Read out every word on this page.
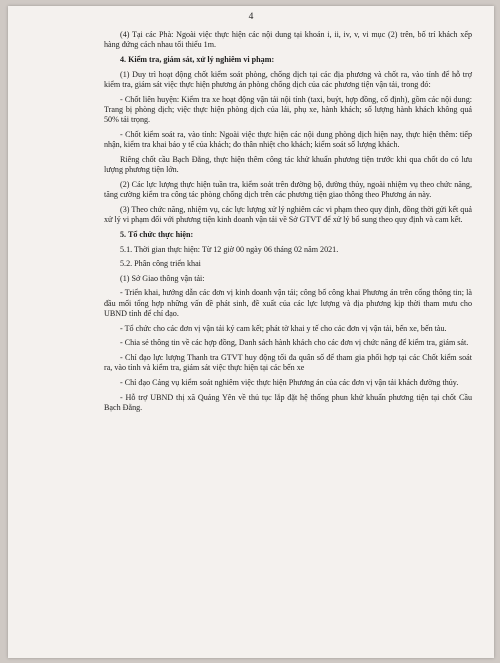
4

(4) Tại các Phà: Ngoài việc thực hiện các nội dung tại khoản i, ii, iv, v, vi mục (2) trên, bố trí khách xếp hàng đứng cách nhau tối thiểu 1m.

4. Kiểm tra, giám sát, xử lý nghiêm vi phạm:

(1) Duy trì hoạt động chốt kiểm soát phòng, chống dịch tại các địa phương và chốt ra, vào tỉnh để hỗ trợ kiểm tra, giám sát việc thực hiện phương án phòng chống dịch của các phương tiện vận tải, trong đó:

- Chốt liên huyện: Kiểm tra xe hoạt động vận tải nội tỉnh (taxi, buýt, hợp đồng, cố định), gồm các nội dung: Trang bị phòng dịch; việc thực hiện phòng dịch của lái, phụ xe, hành khách; số lượng hành khách không quá 50% tải trọng.

- Chốt kiểm soát ra, vào tỉnh: Ngoài việc thực hiện các nội dung phòng dịch hiện nay, thực hiện thêm: tiếp nhận, kiểm tra khai báo y tế của khách; đo thân nhiệt cho khách; kiểm soát số lượng khách.

Riêng chốt cầu Bạch Đằng, thực hiện thêm công tác khử khuẩn phương tiện trước khi qua chốt do có lưu lượng phương tiện lớn.

(2) Các lực lượng thực hiện tuần tra, kiểm soát trên đường bộ, đường thủy, ngoài nhiệm vụ theo chức năng, tăng cường kiểm tra công tác phòng chống dịch trên các phương tiện giao thông theo Phương án này.

(3) Theo chức năng, nhiệm vụ, các lực lượng xử lý nghiêm các vi phạm theo quy định, đồng thời gửi kết quả xử lý vi phạm đối với phương tiện kinh doanh vận tải về Sở GTVT để xử lý bổ sung theo quy định và cam kết.

5. Tổ chức thực hiện:

5.1. Thời gian thực hiện: Từ 12 giờ 00 ngày 06 tháng 02 năm 2021.

5.2. Phân công triển khai

(1) Sở Giao thông vận tải:

- Triển khai, hướng dẫn các đơn vị kinh doanh vận tải; công bố công khai Phương án trên cổng thông tin; là đầu mối tổng hợp những vấn đề phát sinh, đề xuất của các lực lượng và địa phương kịp thời tham mưu cho UBND tỉnh để chỉ đạo.

- Tổ chức cho các đơn vị vận tải ký cam kết; phát tờ khai y tế cho các đơn vị vận tải, bến xe, bến tàu.

- Chia sẻ thông tin về các hợp đồng, Danh sách hành khách cho các đơn vị chức năng để kiểm tra, giám sát.

- Chỉ đạo lực lượng Thanh tra GTVT huy động tối đa quân số để tham gia phối hợp tại các Chốt kiểm soát ra, vào tỉnh và kiểm tra, giám sát việc thực hiện tại các bến xe

- Chỉ đạo Cảng vụ kiểm soát nghiêm việc thực hiện Phương án của các đơn vị vận tải khách đường thủy.

- Hỗ trợ UBND thị xã Quảng Yên về thủ tục lắp đặt hệ thống phun khử khuẩn phương tiện tại chốt Cầu Bạch Đằng.
